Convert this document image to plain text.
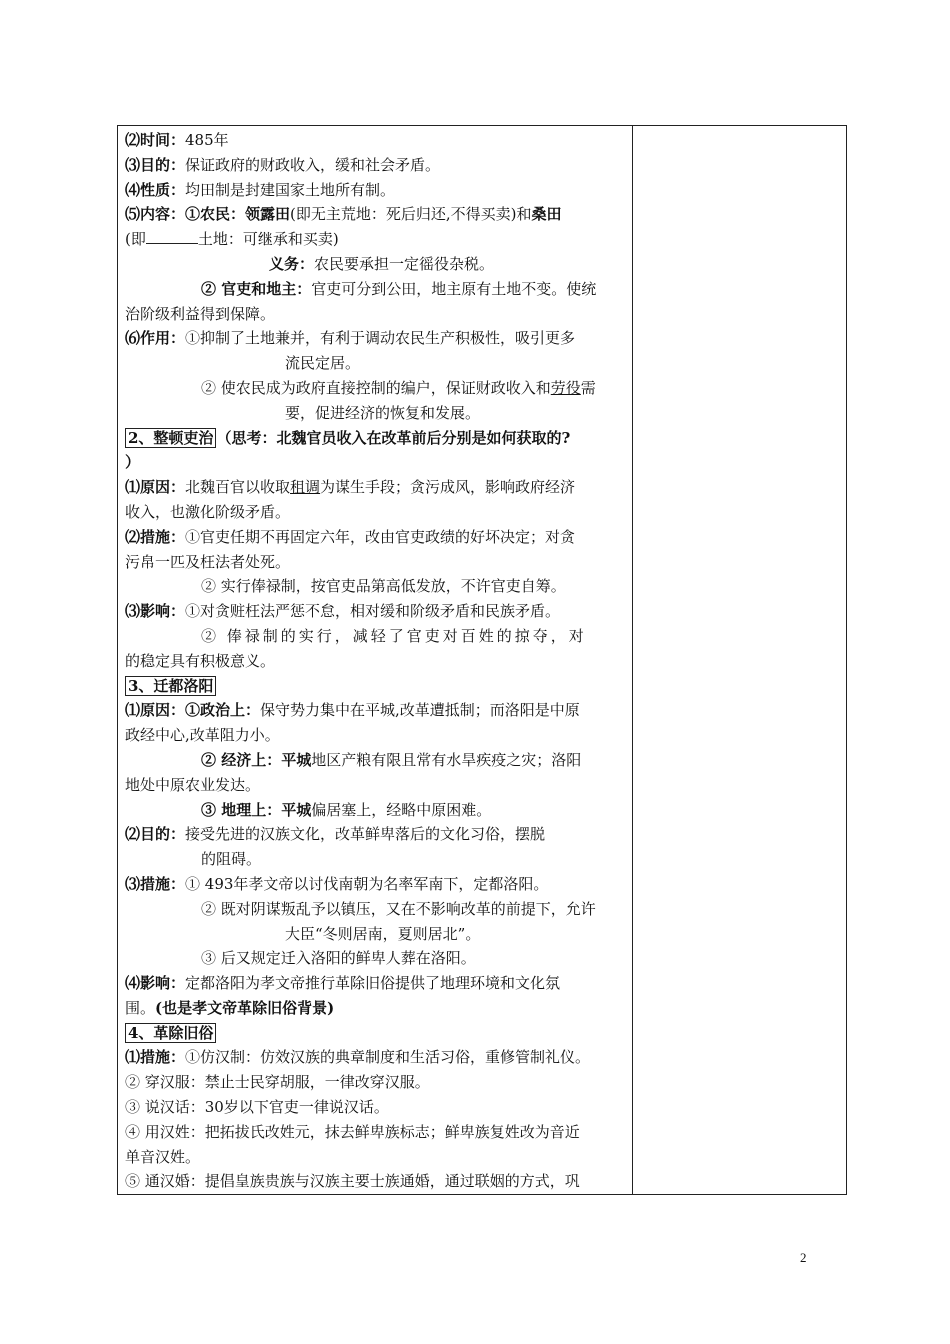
⑵时间：485年
⑶目的：保证政府的财政收入，缓和社会矛盾。
⑷性质：均田制是封建国家土地所有制。
⑸内容：①农民：领露田(即无主荒地：死后归还,不得买卖)和桑田
(即	土地：可继承和买卖)
义务：农民要承担一定徭役杂税。
② 官吏和地主：官吏可分到公田，地主原有土地不变。使统
治阶级利益得到保障。
⑹作用：①抑制了土地兼并，有利于调动农民生产积极性，吸引更多
流民定居。
② 使农民成为政府直接控制的编户，保证财政收入和劳役需
要，促进经济的恢复和发展。
2、整顿吏治 （思考：北魏官员收入在改革前后分别是如何获取的?
）
⑴原因：北魏百官以收取租调为谋生手段；贪污成风，影响政府经济
收入，也激化阶级矛盾。
⑵措施：①官吏任期不再固定六年，改由官吏政绩的好坏决定；对贪
污帛一匹及枉法者处死。
② 实行俸禄制，按官吏品第高低发放，不许官吏自筹。
⑶影响：①对贪赃枉法严惩不怠，相对缓和阶级矛盾和民族矛盾。
② 俸禄制的实行，减轻了官吏对百姓的掠夺，对
的稳定具有积极意义。
3、迁都洛阳
⑴原因：①政治上：保守势力集中在平城,改革遭抵制；而洛阳是中原
政经中心,改革阻力小。
② 经济上：平城地区产粮有限且常有水旱疾疫之灾；洛阳
地处中原农业发达。
③ 地理上：平城偏居塞上，经略中原困难。
⑵目的：接受先进的汉族文化，改革鲜卑落后的文化习俗，摆脱
的阻碍。
⑶措施：① 493年孝文帝以讨伐南朝为名率军南下，定都洛阳。
② 既对阴谋叛乱予以镇压，又在不影响改革的前提下，允许
大臣“冬则居南，夏则居北”。
③ 后又规定迁入洛阳的鲜卑人葬在洛阳。
⑷影响：定都洛阳为孝文帝推行革除旧俗提供了地理环境和文化氛
围。(也是孝文帝革除旧俗背景)
4、革除旧俗
⑴措施：①仿汉制：仿效汉族的典章制度和生活习俗，重修管制礼仪。
② 穿汉服：禁止士民穿胡服，一律改穿汉服。
③ 说汉话：30岁以下官吏一律说汉话。
④ 用汉姓：把拓拔氏改姓元，抹去鲜卑族标志；鲜卑族复姓改为音近
单音汉姓。
⑤ 通汉婚：提倡皇族贵族与汉族主要士族通婚，通过联姻的方式，巩
2
